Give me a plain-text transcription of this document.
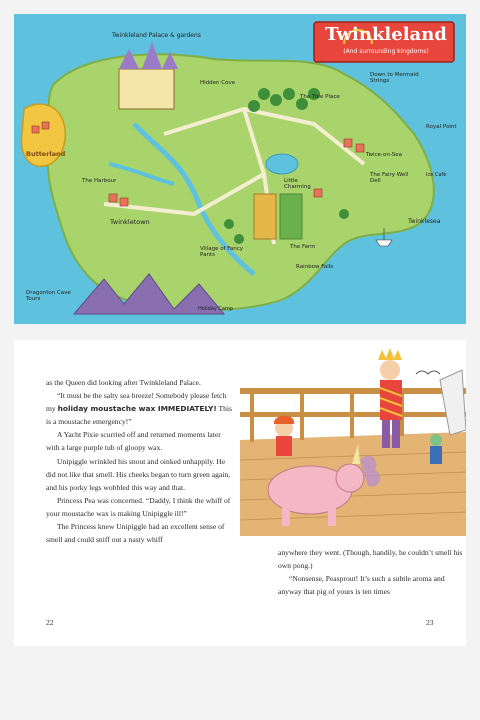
Twinkleland
(And surrounding kingdoms)
Twinkleland Palace & gardens
Hidden Cove
The Tree Place
Down to Mermaid Strings
Royal Point
Butterland
The Harbour
Twinkletown
Little Charming
The Fairy Well Dell
Twice-on-Sea
Twinklesea
Village of Fancy Pants
The Farm
Rainbow Falls
Dragonton Cave Tours
Holiday Camp
Ice Café

as the Queen did looking after Twinkleland Palace.

“It must be the salty sea breeze! Somebody please fetch my holiday moustache wax IMMEDIATELY! This is a moustache emergency!”

A Yacht Pixie scurried off and returned moments later with a large purple tub of gloopy wax.

Unipiggle wrinkled his snout and oinked unhappily. He did not like that smell. His cheeks began to turn green again, and his porky legs wobbled this way and that.

Princess Pea was concerned. “Daddy, I think the whiff of your moustache wax is making Unipiggle ill!”

The Princess knew Unipiggle had an excellent sense of smell and could sniff out a nasty whiff

22

anywhere they went. (Though, handily, he couldn’t smell his own pong.)

“Nonsense, Peasprout! It’s such a subtle aroma and anyway that pig of yours is ten times

23
